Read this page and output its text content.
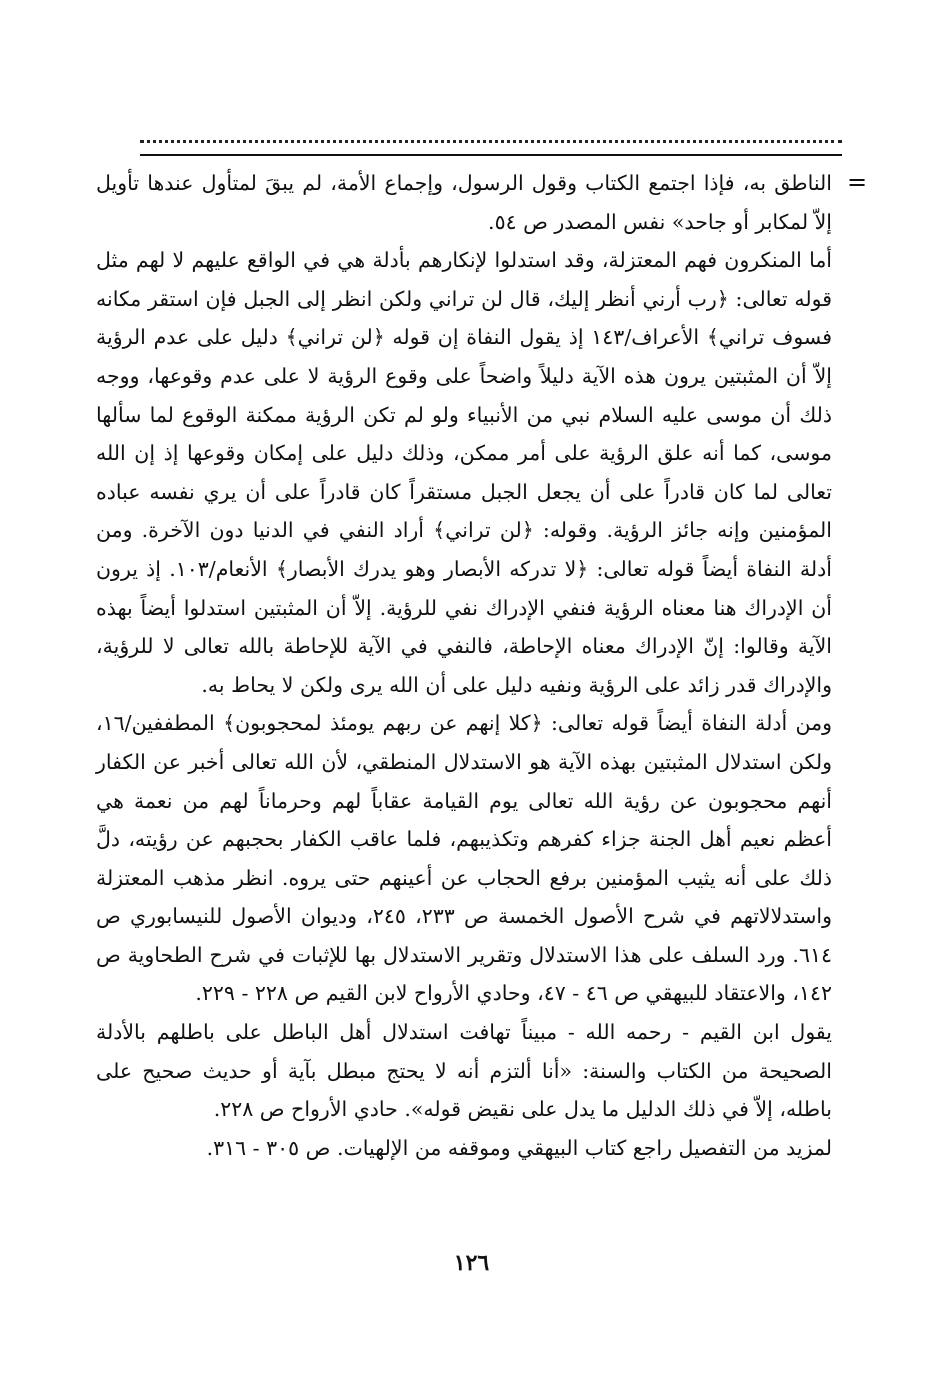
=

الناطق به، فإذا اجتمع الكتاب وقول الرسول، وإجماع الأمة، لم يبقَ لمتأول عندها تأويل إلاّ لمكابر أو جاحد» نفس المصدر ص ٥٤.

أما المنكرون فهم المعتزلة، وقد استدلوا لإنكارهم بأدلة هي في الواقع عليهم لا لهم مثل قوله تعالى: ﴿رب أرني أنظر إليك، قال لن تراني ولكن انظر إلى الجبل فإن استقر مكانه فسوف تراني﴾ الأعراف/١٤٣ إذ يقول النفاة إن قوله ﴿لن تراني﴾ دليل على عدم الرؤية إلاّ أن المثبتين يرون هذه الآية دليلاً واضحاً على وقوع الرؤية لا على عدم وقوعها، ووجه ذلك أن موسى عليه السلام نبي من الأنبياء ولو لم تكن الرؤية ممكنة الوقوع لما سألها موسى، كما أنه علق الرؤية على أمر ممكن، وذلك دليل على إمكان وقوعها إذ إن الله تعالى لما كان قادراً على أن يجعل الجبل مستقراً كان قادراً على أن يري نفسه عباده المؤمنين وإنه جائز الرؤية. وقوله: ﴿لن تراني﴾ أراد النفي في الدنيا دون الآخرة. ومن أدلة النفاة أيضاً قوله تعالى: ﴿لا تدركه الأبصار وهو يدرك الأبصار﴾ الأنعام/١٠٣. إذ يرون أن الإدراك هنا معناه الرؤية فنفي الإدراك نفي للرؤية. إلاّ أن المثبتين استدلوا أيضاً بهذه الآية وقالوا: إنّ الإدراك معناه الإحاطة، فالنفي في الآية للإحاطة بالله تعالى لا للرؤية، والإدراك قدر زائد على الرؤية ونفيه دليل على أن الله يرى ولكن لا يحاط به.

ومن أدلة النفاة أيضاً قوله تعالى: ﴿كلا إنهم عن ربهم يومئذ لمحجوبون﴾ المطففين/١٦، ولكن استدلال المثبتين بهذه الآية هو الاستدلال المنطقي، لأن الله تعالى أخبر عن الكفار أنهم محجوبون عن رؤية الله تعالى يوم القيامة عقاباً لهم وحرماناً لهم من نعمة هي أعظم نعيم أهل الجنة جزاء كفرهم وتكذيبهم، فلما عاقب الكفار بحجبهم عن رؤيته، دلَّ ذلك على أنه يثيب المؤمنين برفع الحجاب عن أعينهم حتى يروه. انظر مذهب المعتزلة واستدلالاتهم في شرح الأصول الخمسة ص ٢٣٣، ٢٤٥، وديوان الأصول للنيسابوري ص ٦١٤. ورد السلف على هذا الاستدلال وتقرير الاستدلال بها للإثبات في شرح الطحاوية ص ١٤٢، والاعتقاد للبيهقي ص ٤٦ - ٤٧، وحادي الأرواح لابن القيم ص ٢٢٨ - ٢٢٩.

يقول ابن القيم - رحمه الله - مبيناً تهافت استدلال أهل الباطل على باطلهم بالأدلة الصحيحة من الكتاب والسنة: «أنا ألتزم أنه لا يحتج مبطل بآية أو حديث صحيح على باطله، إلاّ في ذلك الدليل ما يدل على نقيض قوله». حادي الأرواح ص ٢٢٨.

لمزيد من التفصيل راجع كتاب البيهقي وموقفه من الإلهيات. ص ٣٠٥ - ٣١٦.

١٢٦
